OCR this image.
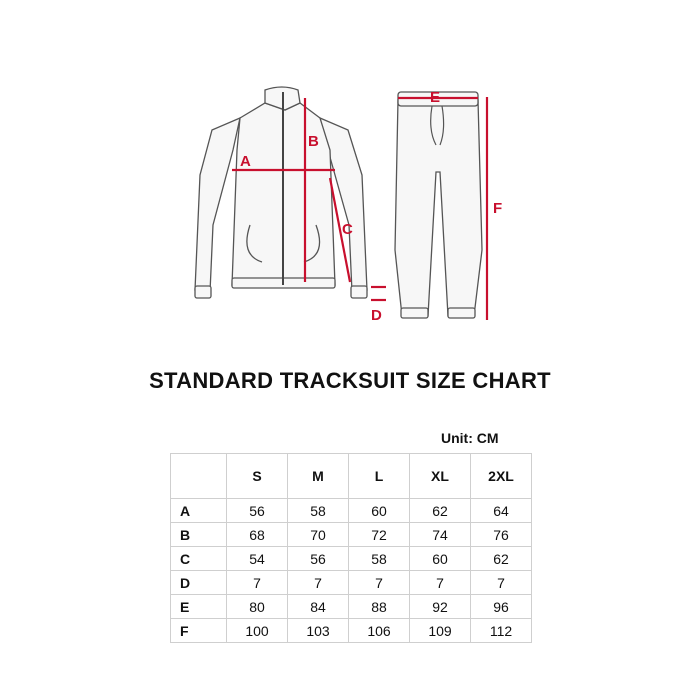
A
B
C
D
E
F
STANDARD TRACKSUIT SIZE CHART
Unit: CM
	S	M	L	XL	2XL
A	56	58	60	62	64
B	68	70	72	74	76
C	54	56	58	60	62
D	7	7	7	7	7
E	80	84	88	92	96
F	100	103	106	109	112
